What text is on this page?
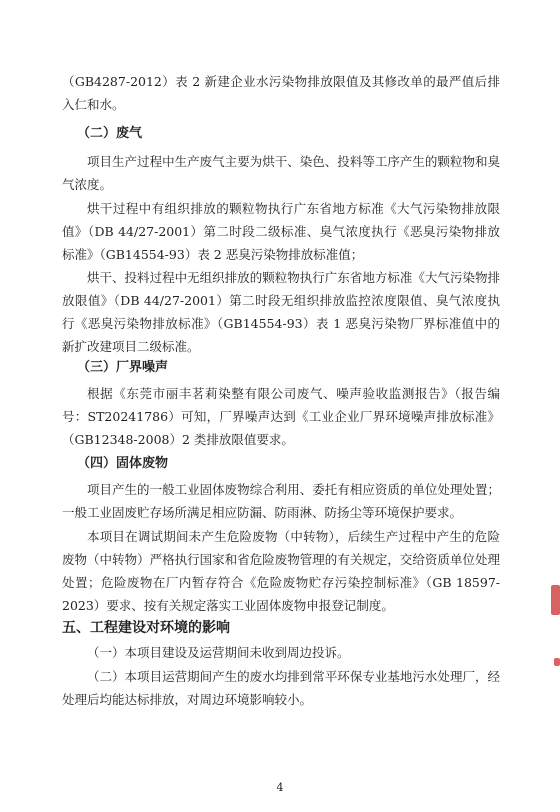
（GB4287-2012）表 2 新建企业水污染物排放限值及其修改单的最严值后排入仁和水。

（二）废气

项目生产过程中生产废气主要为烘干、染色、投料等工序产生的颗粒物和臭气浓度。

烘干过程中有组织排放的颗粒物执行广东省地方标准《大气污染物排放限值》（DB 44/27-2001）第二时段二级标准、臭气浓度执行《恶臭污染物排放标准》（GB14554-93）表 2 恶臭污染物排放标准值；

烘干、投料过程中无组织排放的颗粒物执行广东省地方标准《大气污染物排放限值》（DB 44/27-2001）第二时段无组织排放监控浓度限值、臭气浓度执行《恶臭污染物排放标准》（GB14554-93）表 1 恶臭污染物厂界标准值中的新扩改建项目二级标准。

（三）厂界噪声

根据《东莞市丽丰茗莉染整有限公司废气、噪声验收监测报告》（报告编号：ST20241786）可知，厂界噪声达到《工业企业厂界环境噪声排放标准》（GB12348-2008）2 类排放限值要求。

（四）固体废物

项目产生的一般工业固体废物综合利用、委托有相应资质的单位处理处置；一般工业固废贮存场所满足相应防漏、防雨淋、防扬尘等环境保护要求。

本项目在调试期间未产生危险废物（中转物），后续生产过程中产生的危险废物（中转物）严格执行国家和省危险废物管理的有关规定，交给资质单位处理处置；危险废物在厂内暂存符合《危险废物贮存污染控制标准》（GB 18597-2023）要求、按有关规定落实工业固体废物申报登记制度。

五、工程建设对环境的影响

（一）本项目建设及运营期间未收到周边投诉。

（二）本项目运营期间产生的废水均排到常平环保专业基地污水处理厂，经处理后均能达标排放，对周边环境影响较小。

4
